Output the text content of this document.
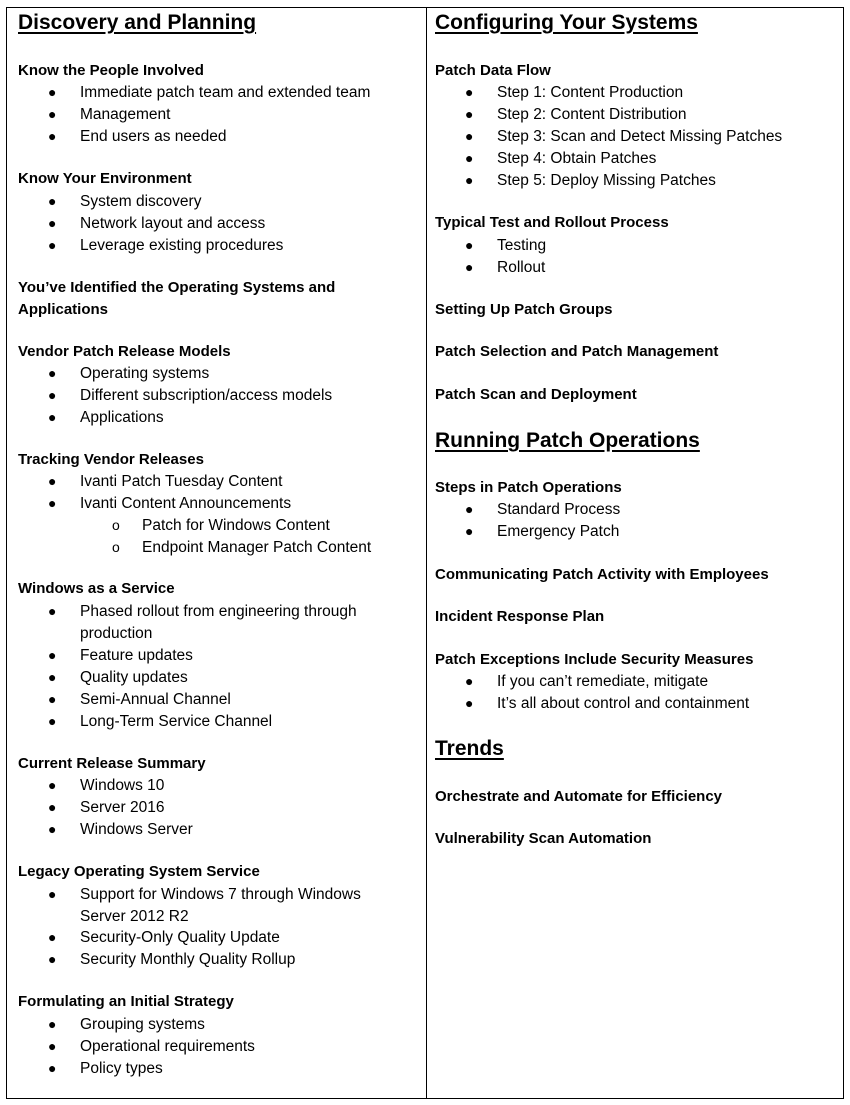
Discovery and Planning
Know the People Involved
● Immediate patch team and extended team
● Management
● End users as needed
Know Your Environment
● System discovery
● Network layout and access
● Leverage existing procedures
You’ve Identified the Operating Systems and
Applications
Vendor Patch Release Models
● Operating systems
● Different subscription/access models
● Applications
Tracking Vendor Releases
● Ivanti Patch Tuesday Content
● Ivanti Content Announcements
o Patch for Windows Content
o Endpoint Manager Patch Content
Windows as a Service
● Phased rollout from engineering through
production
● Feature updates
● Quality updates
● Semi-Annual Channel
● Long-Term Service Channel
Current Release Summary
● Windows 10
● Server 2016
● Windows Server
Legacy Operating System Service
● Support for Windows 7 through Windows
Server 2012 R2
● Security-Only Quality Update
● Security Monthly Quality Rollup
Formulating an Initial Strategy
● Grouping systems
● Operational requirements
● Policy types
Configuring Your Systems
Patch Data Flow
● Step 1: Content Production
● Step 2: Content Distribution
● Step 3: Scan and Detect Missing Patches
● Step 4: Obtain Patches
● Step 5: Deploy Missing Patches
Typical Test and Rollout Process
● Testing
● Rollout
Setting Up Patch Groups
Patch Selection and Patch Management
Patch Scan and Deployment
Running Patch Operations
Steps in Patch Operations
● Standard Process
● Emergency Patch
Communicating Patch Activity with Employees
Incident Response Plan
Patch Exceptions Include Security Measures
● If you can’t remediate, mitigate
● It’s all about control and containment
Trends
Orchestrate and Automate for Efficiency
Vulnerability Scan Automation
